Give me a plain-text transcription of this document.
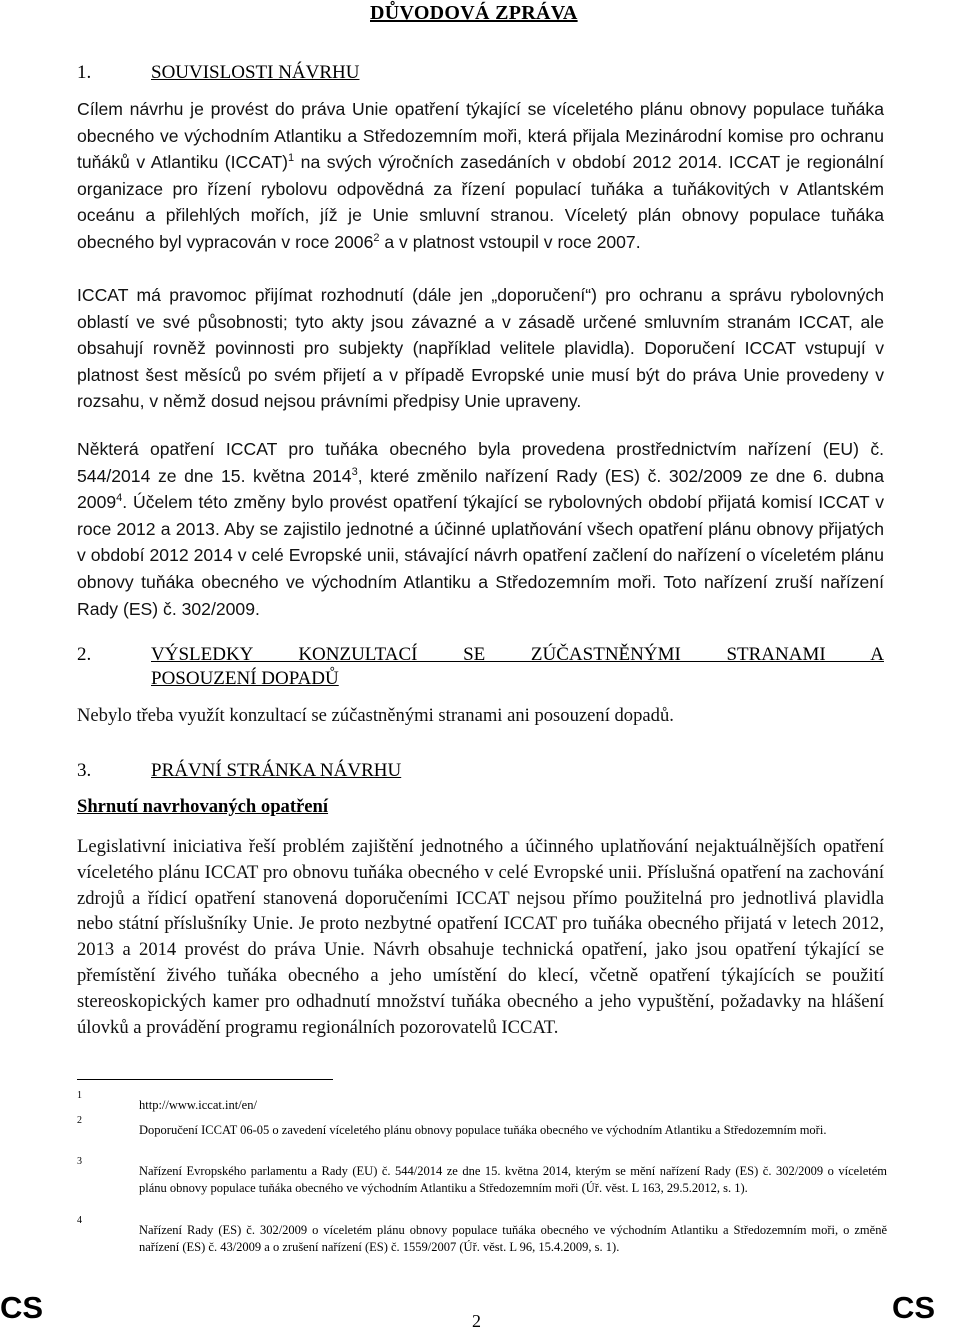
DŮVODOVÁ ZPRÁVA
1.	SOUVISLOSTI NÁVRHU

Cílem návrhu je provést do práva Unie opatření týkající se víceletého plánu obnovy populace tuňáka obecného ve východním Atlantiku a Středozemním moři, která přijala Mezinárodní komise pro ochranu tuňáků v Atlantiku (ICCAT)$^1$ na svých výročních zasedáních v období 2012 2014. ICCAT je regionální organizace pro řízení rybolovu odpovědná za řízení populací tuňáka a tuňákovitých v Atlantském oceánu a přilehlých mořích, jíž je Unie smluvní stranou. Víceletý plán obnovy populace tuňáka obecného byl vypracován v roce 2006$^2$ a v platnost vstoupil v roce 2007.

ICCAT má pravomoc přijímat rozhodnutí (dále jen „doporučení“) pro ochranu a správu rybolovných oblastí ve své působnosti; tyto akty jsou závazné a v zásadě určené smluvním stranám ICCAT, ale obsahují rovněž povinnosti pro subjekty (například velitele plavidla). Doporučení ICCAT vstupují v platnost šest měsíců po svém přijetí a v případě Evropské unie musí být do práva Unie provedeny v rozsahu, v němž dosud nejsou právními předpisy Unie upraveny.

Některá opatření ICCAT pro tuňáka obecného byla provedena prostřednictvím nařízení (EU) č. 544/2014 ze dne 15. května 2014$^3$, které změnilo nařízení Rady (ES) č. 302/2009 ze dne 6. dubna 2009$^4$. Účelem této změny bylo provést opatření týkající se rybolovných období přijatá komisí ICCAT v roce 2012 a 2013. Aby se zajistilo jednotné a účinné uplatňování všech opatření plánu obnovy přijatých v období 2012 2014 v celé Evropské unii, stávající návrh opatření začlení do nařízení o víceletém plánu obnovy tuňáka obecného ve východním Atlantiku a Středozemním moři. Toto nařízení zruší nařízení Rady (ES) č. 302/2009.

2.	VÝSLEDKY KONZULTACÍ SE ZÚČASTNĚNÝMI STRANAMI A
POSOUZENÍ DOPADŮ

Nebylo třeba využít konzultací se zúčastněnými stranami ani posouzení dopadů.

3.	PRÁVNÍ STRÁNKA NÁVRHU
Shrnutí navrhovaných opatření

Legislativní iniciativa řeší problém zajištění jednotného a účinného uplatňování nejaktuálnějších opatření víceletého plánu ICCAT pro obnovu tuňáka obecného v celé Evropské unii. Příslušná opatření na zachování zdrojů a řídicí opatření stanovená doporučeními ICCAT nejsou přímo použitelná pro jednotlivá plavidla nebo státní příslušníky Unie. Je proto nezbytné opatření ICCAT pro tuňáka obecného přijatá v letech 2012, 2013 a 2014 provést do práva Unie. Návrh obsahuje technická opatření, jako jsou opatření týkající se přemístění živého tuňáka obecného a jeho umístění do klecí, včetně opatření týkajících se použití stereoskopických kamer pro odhadnutí množství tuňáka obecného a jeho vypuštění, požadavky na hlášení úlovků a provádění programu regionálních pozorovatelů ICCAT.

1
http://www.iccat.int/en/
2
Doporučení ICCAT 06-05 o zavedení víceletého plánu obnovy populace tuňáka obecného ve východním Atlantiku a Středozemním moři.
3
Nařízení Evropského parlamentu a Rady (EU) č. 544/2014 ze dne 15. května 2014, kterým se mění nařízení Rady (ES) č. 302/2009 o víceletém plánu obnovy populace tuňáka obecného ve východním Atlantiku a Středozemním moři (Úř. věst. L 163, 29.5.2012, s. 1).
4
Nařízení Rady (ES) č. 302/2009 o víceletém plánu obnovy populace tuňáka obecného ve východním Atlantiku a Středozemním moři, o změně nařízení (ES) č. 43/2009 a o zrušení nařízení (ES) č. 1559/2007 (Úř. věst. L 96, 15.4.2009, s. 1).
CS	2	CS
